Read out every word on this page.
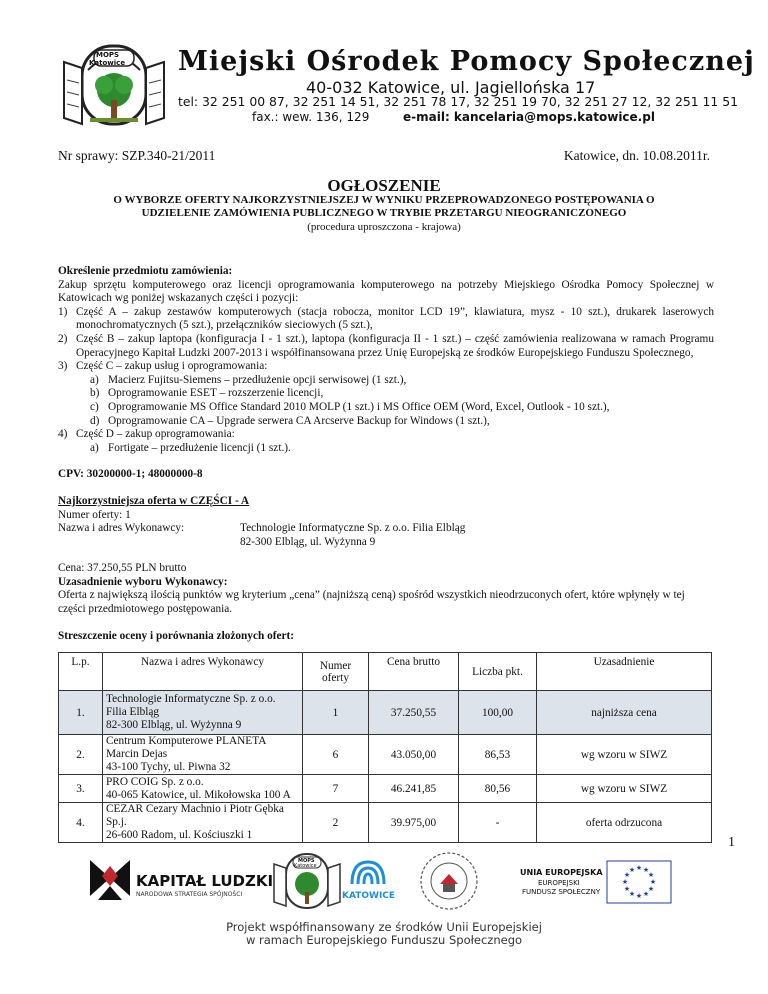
MOPS
Katowice Miejski Ośrodek Pomocy Społecznej
40-032 Katowice, ul. Jagiellońska 17
tel: 32 251 00 87, 32 251 14 51, 32 251 78 17, 32 251 19 70, 32 251 27 12, 32 251 11 51
fax.: wew. 136, 129	e-mail: kancelaria@mops.katowice.pl
Nr sprawy: SZP.340-21/2011	Katowice, dn. 10.08.2011r.
OGŁOSZENIE
O WYBORZE OFERTY NAJKORZYSTNIEJSZEJ W WYNIKU PRZEPROWADZONEGO POSTĘPOWANIA O
UDZIELENIE ZAMÓWIENIA PUBLICZNEGO W TRYBIE PRZETARGU NIEOGRANICZONEGO
(procedura uproszczona - krajowa)

Określenie przedmiotu zamówienia:

Zakup sprzętu komputerowego oraz licencji oprogramowania komputerowego na potrzeby Miejskiego Ośrodka Pomocy Społecznej w Katowicach wg poniżej wskazanych części i pozycji:

1) Część A – zakup zestawów komputerowych (stacja robocza, monitor LCD 19”, klawiatura, mysz - 10 szt.), drukarek laserowych monochromatycznych (5 szt.), przełączników sieciowych (5 szt.),
2) Część B – zakup laptopa (konfiguracja I - 1 szt.), laptopa (konfiguracja II - 1 szt.) – część zamówienia realizowana w ramach Programu Operacyjnego Kapitał Ludzki 2007-2013 i współfinansowana przez Unię Europejską ze środków Europejskiego Funduszu Społecznego,
3) Część C – zakup usług i oprogramowania:
a) Macierz Fujitsu-Siemens – przedłużenie opcji serwisowej (1 szt.),
b) Oprogramowanie ESET – rozszerzenie licencji,
c) Oprogramowanie MS Office Standard 2010 MOLP (1 szt.) i MS Office OEM (Word, Excel, Outlook - 10 szt.),
d) Oprogramowanie CA – Upgrade serwera CA Arcserve Backup for Windows (1 szt.),
4) Część D – zakup oprogramowania:
a) Fortigate – przedłużenie licencji (1 szt.).

CPV: 30200000-1; 48000000-8

Najkorzystniejsza oferta w CZĘŚCI - A

Numer oferty: 1

Nazwa i adres Wykonawcy:	Technologie Informatyczne Sp. z o.o. Filia Elbląg
82-300 Elbląg, ul. Wyżynna 9

Cena: 37.250,55 PLN brutto

Uzasadnienie wyboru Wykonawcy:

Oferta z największą ilością punktów wg kryterium „cena” (najniższą ceną) spośród wszystkich nieodrzuconych ofert, które wpłynęły w tej części przedmiotowego postępowania.

Streszczenie oceny i porównania złożonych ofert:

L.p.	Nazwa i adres Wykonawcy	Numer oferty	Cena brutto	Liczba pkt.	Uzasadnienie
1.	Technologie Informatyczne Sp. z o.o.
Filia Elbląg
82-300 Elbląg, ul. Wyżynna 9	1	37.250,55	100,00	najniższa cena
2.	Centrum Komputerowe PLANETA
Marcin Dejas
43-100 Tychy, ul. Piwna 32	6	43.050,00	86,53	wg wzoru w SIWZ
3.	PRO COIG Sp. z o.o.
40-065 Katowice, ul. Mikołowska 100 A	7	46.241,85	80,56	wg wzoru w SIWZ
4.	CEZAR Cezary Machnio i Piotr Gębka Sp.j.
26-600 Radom, ul. Kościuszki 1	2	39.975,00	-	oferta odrzucona
1
KAPITAŁ LUDZKI
NARODOWA STRATEGIA SPÓJNOŚCI
MOPS
Katowice
KATOWICE
UNIA EUROPEJSKA
EUROPEJSKI
FUNDUSZ SPOŁECZNY
★ ★
★
★
★
★
★
★
★
★
★
★
Projekt współfinansowany ze środków Unii Europejskiej
w ramach Europejskiego Funduszu Społecznego
